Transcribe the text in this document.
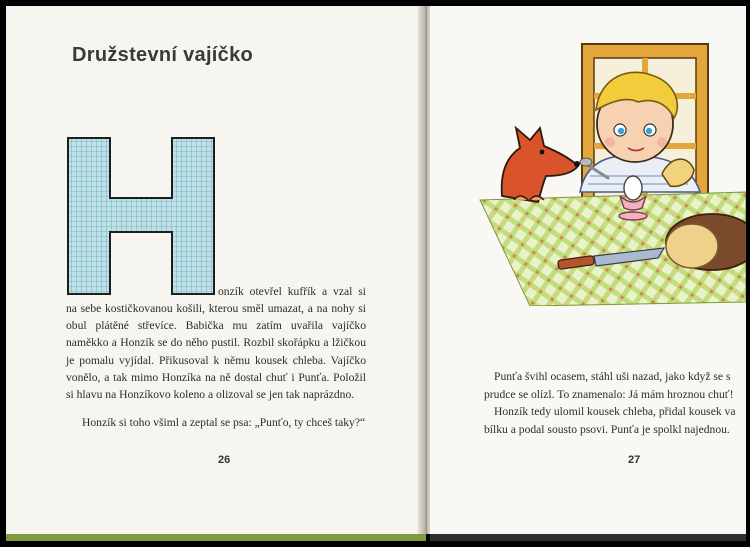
Družstevní vajíčko
H
onzík otevřel kufřík a vzal si
na sebe kostičkovanou košili, kterou směl umazat, a na nohy si obul plátěné střevíce. Babička mu zatím uvařila vajíčko naměkko a Honzík se do něho pustil. Rozbil skořápku a lžičkou je pomalu vyjídal. Přikusoval k němu kousek chleba. Vajíčko vonělo, a tak mimo Honzíka na ně dostal chuť i Punťa. Položil si hlavu na Honzíkovo koleno a olizoval se jen tak naprázdno.
Honzík si toho všiml a zeptal se psa: „Punťo, ty chceš taky?“
26
Punťa švihl ocasem, stáhl uši nazad, jako když se s prudce se olízl. To znamenalo: Já mám hroznou chuť!
Honzík tedy ulomil kousek chleba, přidal kousek va bílku a podal sousto psovi. Punťa je spolkl najednou.
27
